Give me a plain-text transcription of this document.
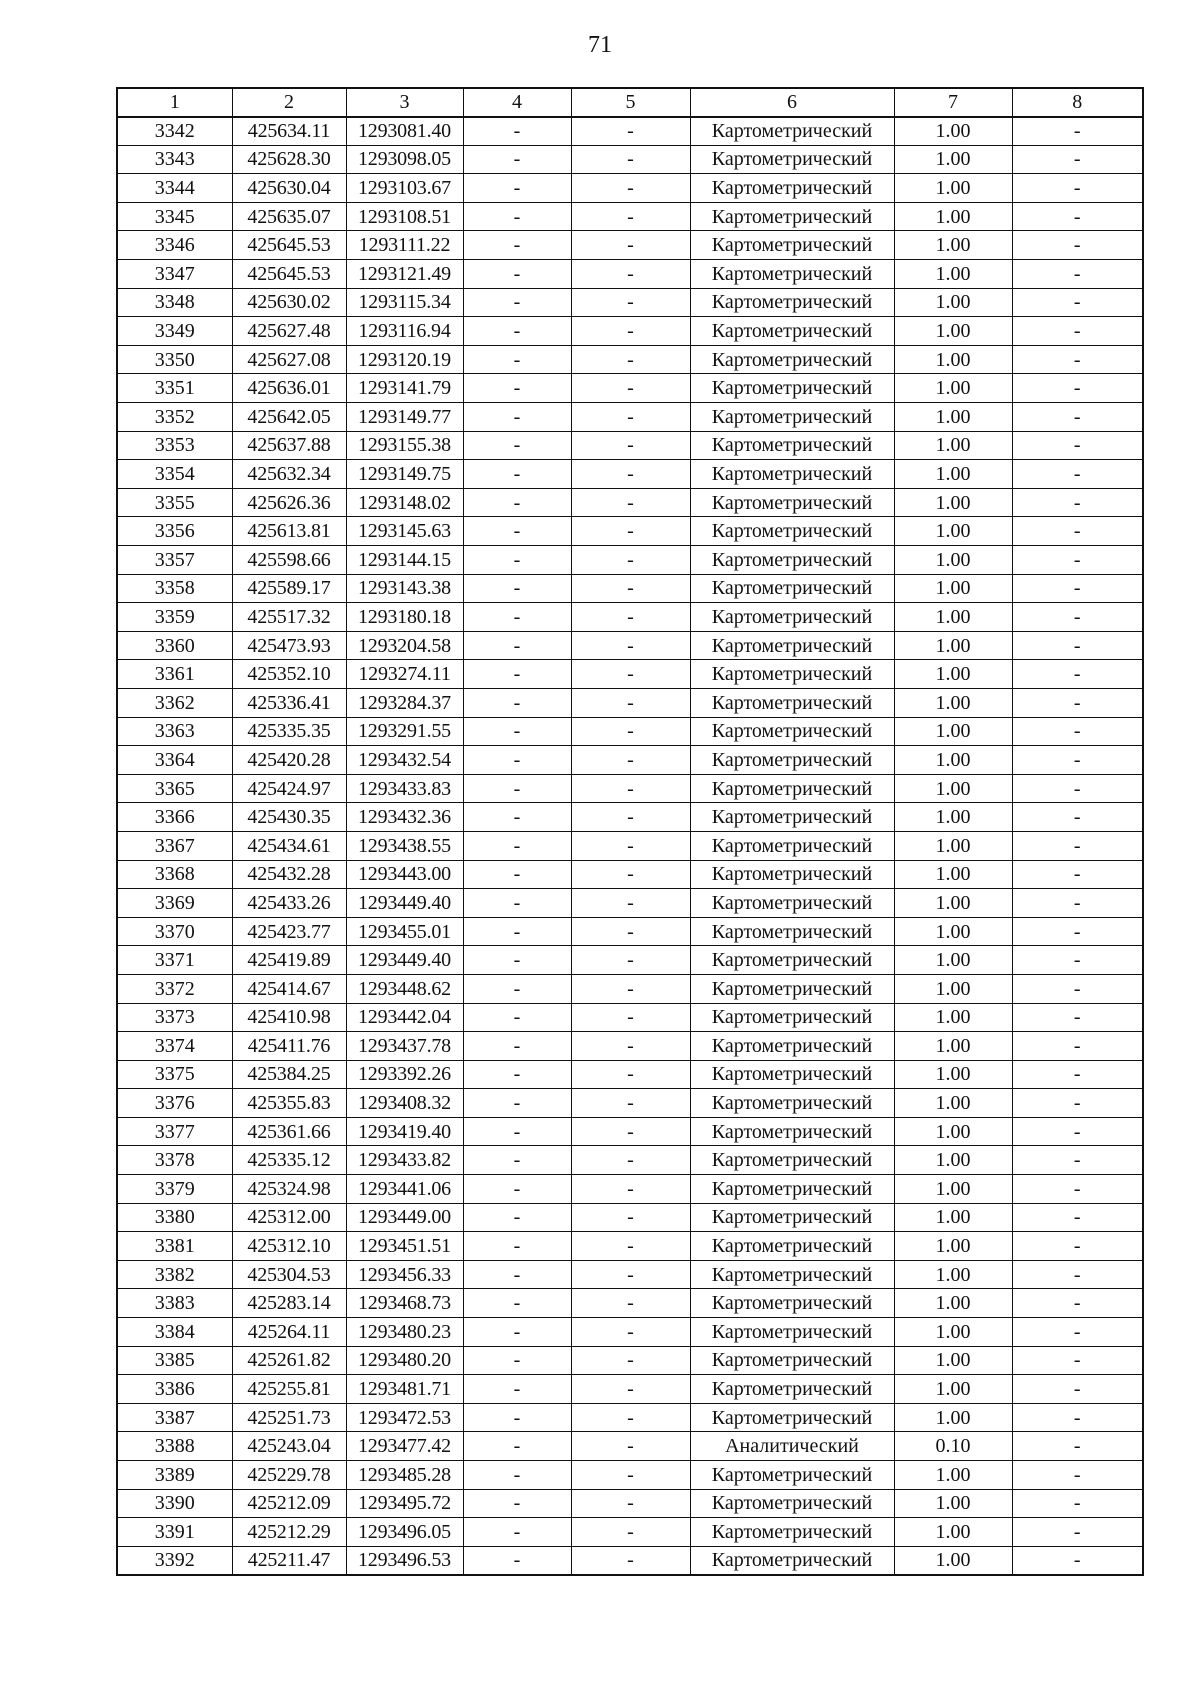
71
1	2	3	4	5	6	7	8
3342	425634.11	1293081.40	-	-	Картометрический	1.00	-
3343	425628.30	1293098.05	-	-	Картометрический	1.00	-
3344	425630.04	1293103.67	-	-	Картометрический	1.00	-
3345	425635.07	1293108.51	-	-	Картометрический	1.00	-
3346	425645.53	1293111.22	-	-	Картометрический	1.00	-
3347	425645.53	1293121.49	-	-	Картометрический	1.00	-
3348	425630.02	1293115.34	-	-	Картометрический	1.00	-
3349	425627.48	1293116.94	-	-	Картометрический	1.00	-
3350	425627.08	1293120.19	-	-	Картометрический	1.00	-
3351	425636.01	1293141.79	-	-	Картометрический	1.00	-
3352	425642.05	1293149.77	-	-	Картометрический	1.00	-
3353	425637.88	1293155.38	-	-	Картометрический	1.00	-
3354	425632.34	1293149.75	-	-	Картометрический	1.00	-
3355	425626.36	1293148.02	-	-	Картометрический	1.00	-
3356	425613.81	1293145.63	-	-	Картометрический	1.00	-
3357	425598.66	1293144.15	-	-	Картометрический	1.00	-
3358	425589.17	1293143.38	-	-	Картометрический	1.00	-
3359	425517.32	1293180.18	-	-	Картометрический	1.00	-
3360	425473.93	1293204.58	-	-	Картометрический	1.00	-
3361	425352.10	1293274.11	-	-	Картометрический	1.00	-
3362	425336.41	1293284.37	-	-	Картометрический	1.00	-
3363	425335.35	1293291.55	-	-	Картометрический	1.00	-
3364	425420.28	1293432.54	-	-	Картометрический	1.00	-
3365	425424.97	1293433.83	-	-	Картометрический	1.00	-
3366	425430.35	1293432.36	-	-	Картометрический	1.00	-
3367	425434.61	1293438.55	-	-	Картометрический	1.00	-
3368	425432.28	1293443.00	-	-	Картометрический	1.00	-
3369	425433.26	1293449.40	-	-	Картометрический	1.00	-
3370	425423.77	1293455.01	-	-	Картометрический	1.00	-
3371	425419.89	1293449.40	-	-	Картометрический	1.00	-
3372	425414.67	1293448.62	-	-	Картометрический	1.00	-
3373	425410.98	1293442.04	-	-	Картометрический	1.00	-
3374	425411.76	1293437.78	-	-	Картометрический	1.00	-
3375	425384.25	1293392.26	-	-	Картометрический	1.00	-
3376	425355.83	1293408.32	-	-	Картометрический	1.00	-
3377	425361.66	1293419.40	-	-	Картометрический	1.00	-
3378	425335.12	1293433.82	-	-	Картометрический	1.00	-
3379	425324.98	1293441.06	-	-	Картометрический	1.00	-
3380	425312.00	1293449.00	-	-	Картометрический	1.00	-
3381	425312.10	1293451.51	-	-	Картометрический	1.00	-
3382	425304.53	1293456.33	-	-	Картометрический	1.00	-
3383	425283.14	1293468.73	-	-	Картометрический	1.00	-
3384	425264.11	1293480.23	-	-	Картометрический	1.00	-
3385	425261.82	1293480.20	-	-	Картометрический	1.00	-
3386	425255.81	1293481.71	-	-	Картометрический	1.00	-
3387	425251.73	1293472.53	-	-	Картометрический	1.00	-
3388	425243.04	1293477.42	-	-	Аналитический	0.10	-
3389	425229.78	1293485.28	-	-	Картометрический	1.00	-
3390	425212.09	1293495.72	-	-	Картометрический	1.00	-
3391	425212.29	1293496.05	-	-	Картометрический	1.00	-
3392	425211.47	1293496.53	-	-	Картометрический	1.00	-
